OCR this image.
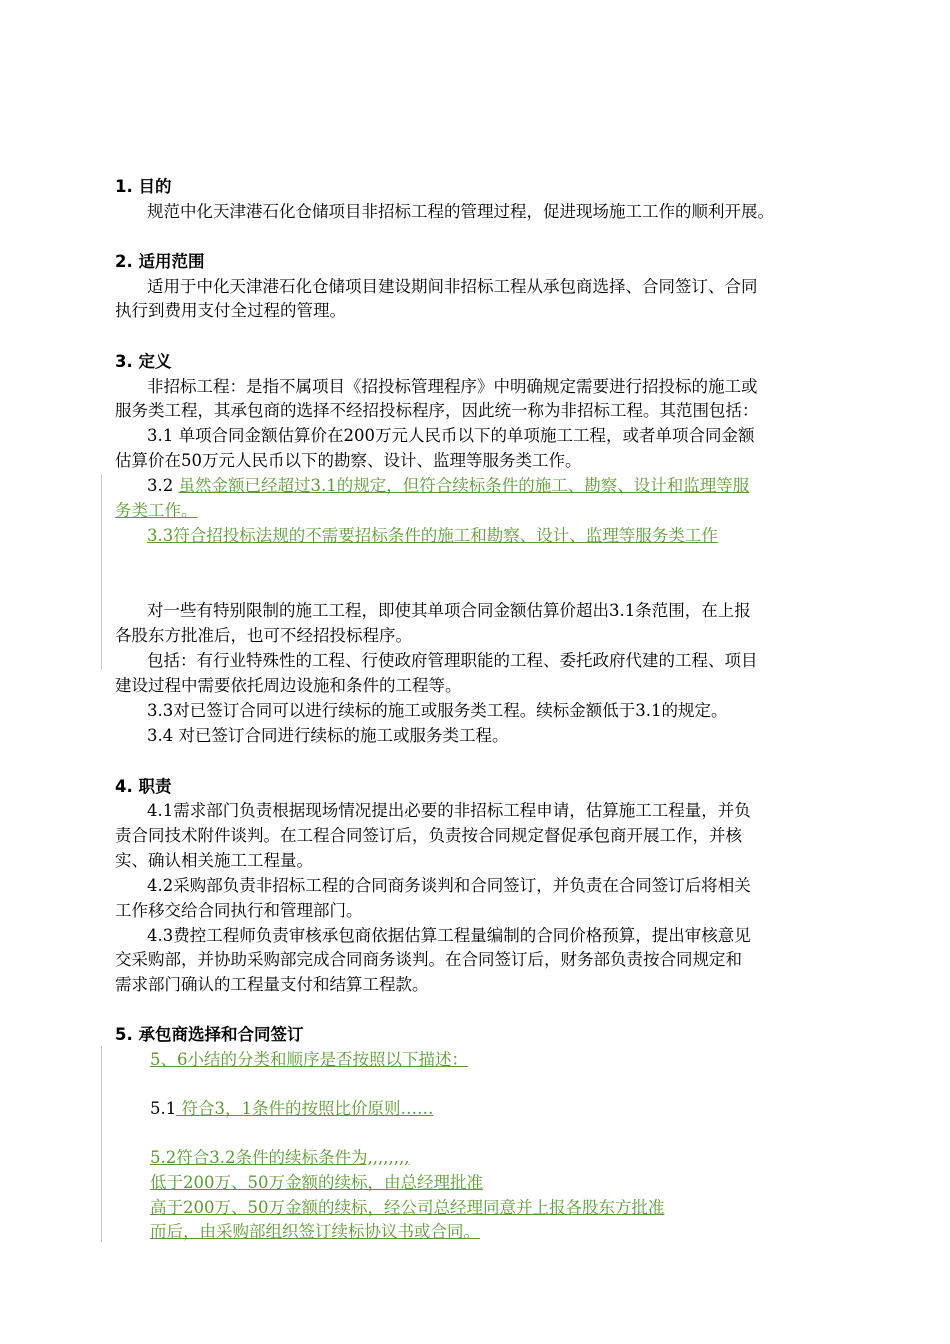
1. 目的
规范中化天津港石化仓储项目非招标工程的管理过程，促进现场施工工作的顺利开展。
2. 适用范围
适用于中化天津港石化仓储项目建设期间非招标工程从承包商选择、合同签订、合同
执行到费用支付全过程的管理。
3. 定义
非招标工程：是指不属项目《招投标管理程序》中明确规定需要进行招投标的施工或
服务类工程，其承包商的选择不经招投标程序，因此统一称为非招标工程。其范围包括：
3.1 单项合同金额估算价在200万元人民币以下的单项施工工程，或者单项合同金额
估算价在50万元人民币以下的勘察、设计、监理等服务类工作。
3.2 虽然金额已经超过3.1的规定，但符合续标条件的施工、勘察、设计和监理等服
务类工作。
3.3符合招投标法规的不需要招标条件的施工和勘察、设计、监理等服务类工作
对一些有特别限制的施工工程，即使其单项合同金额估算价超出3.1条范围，在上报
各股东方批准后，也可不经招投标程序。
包括：有行业特殊性的工程、行使政府管理职能的工程、委托政府代建的工程、项目
建设过程中需要依托周边设施和条件的工程等。
3.3对已签订合同可以进行续标的施工或服务类工程。续标金额低于3.1的规定。
3.4 对已签订合同进行续标的施工或服务类工程。
4. 职责
4.1需求部门负责根据现场情况提出必要的非招标工程申请，估算施工工程量，并负
责合同技术附件谈判。在工程合同签订后，负责按合同规定督促承包商开展工作，并核
实、确认相关施工工程量。
4.2采购部负责非招标工程的合同商务谈判和合同签订，并负责在合同签订后将相关
工作移交给合同执行和管理部门。
4.3费控工程师负责审核承包商依据估算工程量编制的合同价格预算，提出审核意见
交采购部，并协助采购部完成合同商务谈判。在合同签订后，财务部负责按合同规定和
需求部门确认的工程量支付和结算工程款。
5. 承包商选择和合同签订
5、6小结的分类和顺序是否按照以下描述：
5.1 符合3，1条件的按照比价原则……
5.2符合3.2条件的续标条件为,,,,,,,,
低于200万、50万金额的续标，由总经理批准
高于200万、50万金额的续标，经公司总经理同意并上报各股东方批准
而后，由采购部组织签订续标协议书或合同。
